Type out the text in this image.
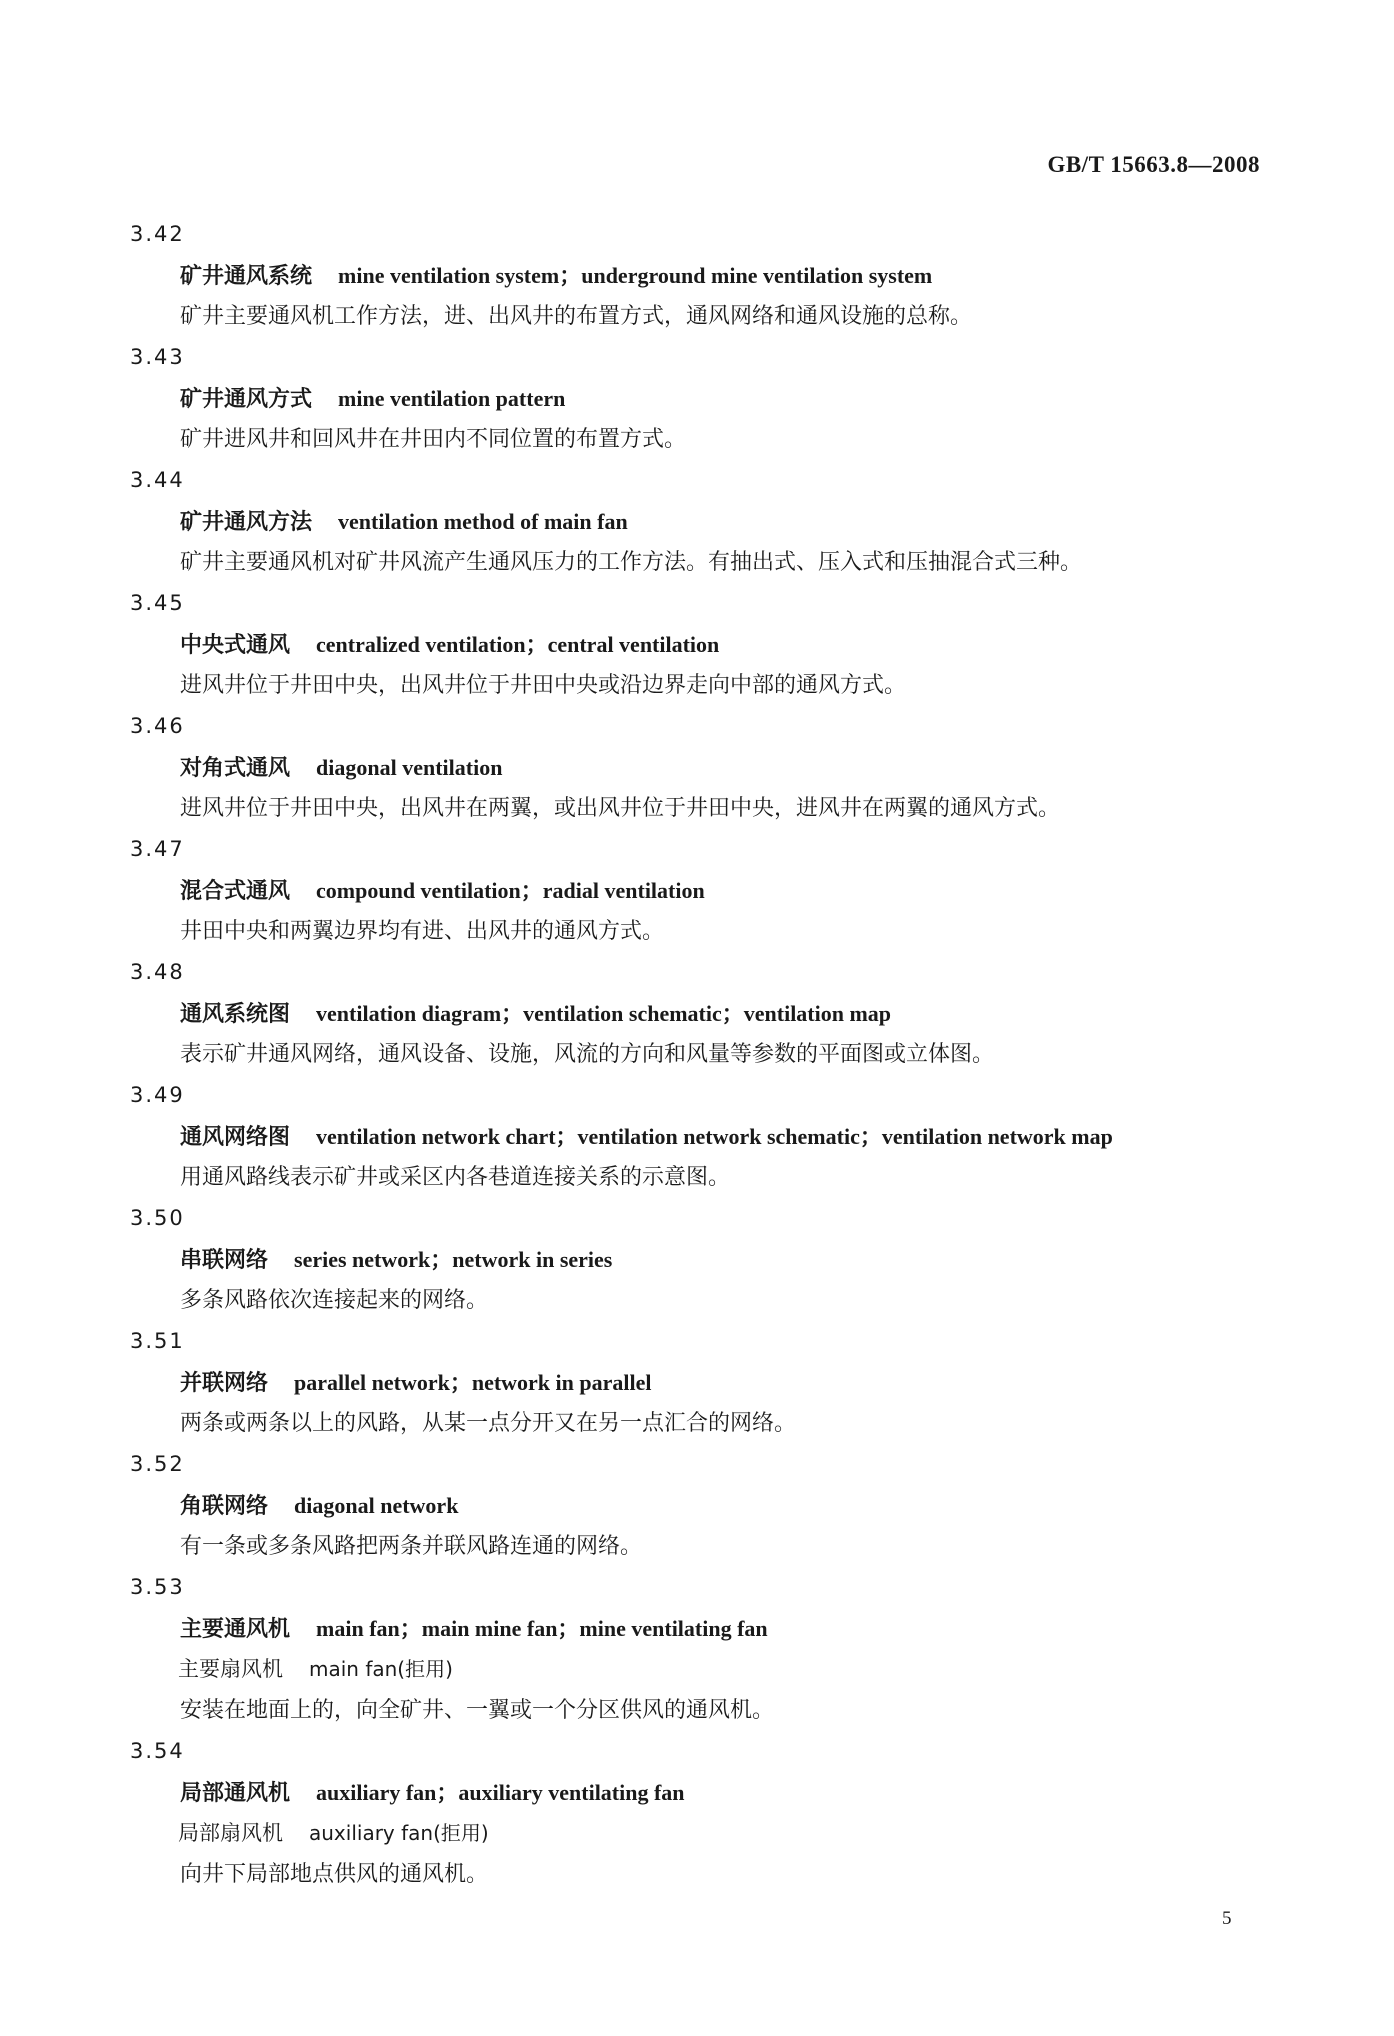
GB/T 15663.8—2008
3.42
矿井通风系统 mine ventilation system；underground mine ventilation system
矿井主要通风机工作方法，进、出风井的布置方式，通风网络和通风设施的总称。
3.43
矿井通风方式 mine ventilation pattern
矿井进风井和回风井在井田内不同位置的布置方式。
3.44
矿井通风方法 ventilation method of main fan
矿井主要通风机对矿井风流产生通风压力的工作方法。有抽出式、压入式和压抽混合式三种。
3.45
中央式通风 centralized ventilation；central ventilation
进风井位于井田中央，出风井位于井田中央或沿边界走向中部的通风方式。
3.46
对角式通风 diagonal ventilation
进风井位于井田中央，出风井在两翼，或出风井位于井田中央，进风井在两翼的通风方式。
3.47
混合式通风 compound ventilation；radial ventilation
井田中央和两翼边界均有进、出风井的通风方式。
3.48
通风系统图 ventilation diagram；ventilation schematic；ventilation map
表示矿井通风网络，通风设备、设施，风流的方向和风量等参数的平面图或立体图。
3.49
通风网络图 ventilation network chart；ventilation network schematic；ventilation network map
用通风路线表示矿井或采区内各巷道连接关系的示意图。
3.50
串联网络 series network；network in series
多条风路依次连接起来的网络。
3.51
并联网络 parallel network；network in parallel
两条或两条以上的风路，从某一点分开又在另一点汇合的网络。
3.52
角联网络 diagonal network
有一条或多条风路把两条并联风路连通的网络。
3.53
主要通风机 main fan；main mine fan；mine ventilating fan
主要扇风机 main fan(拒用)
安装在地面上的，向全矿井、一翼或一个分区供风的通风机。
3.54
局部通风机 auxiliary fan；auxiliary ventilating fan
局部扇风机 auxiliary fan(拒用)
向井下局部地点供风的通风机。
5
